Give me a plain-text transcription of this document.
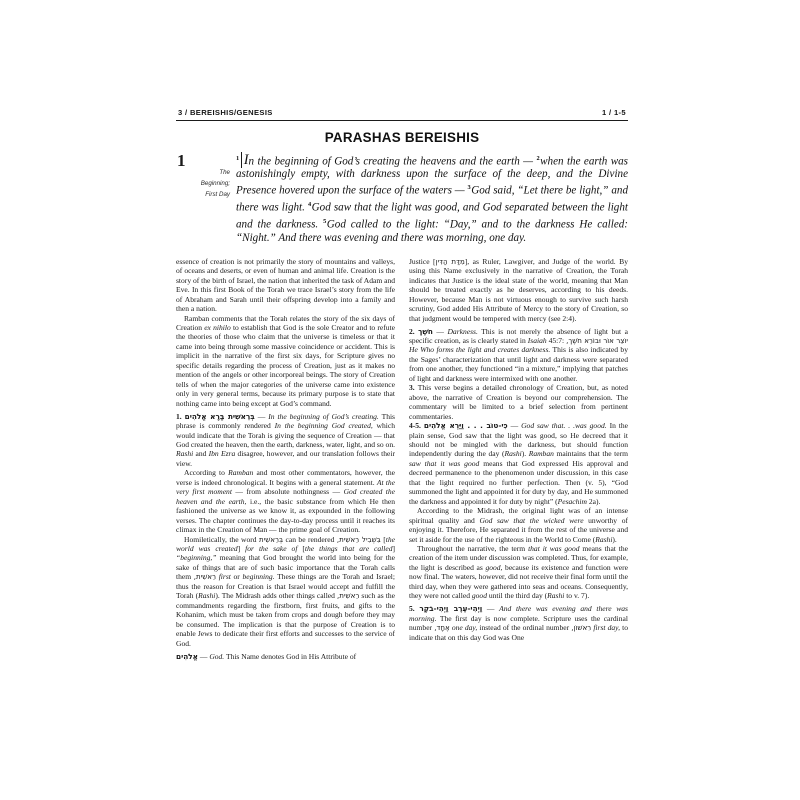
3 / BEREISHIS/GENESIS	1 / 1-5
PARASHAS BEREISHIS
1
The
Beginning;
First Day
$^1$ In the beginning of God’s creating the heavens and the earth — $^2$when the earth was astonishingly empty, with darkness upon the surface of the deep, and the Divine Presence hovered upon the surface of the waters — $^3$God said, “Let there be light,” and there was light. $^4$God saw that the light was good, and God separated between the light and the darkness. $^5$God called to the light: “Day,” and to the darkness He called: “Night.” And there was evening and there was morning, one day.

essence of creation is not primarily the story of mountains and valleys, of oceans and deserts, or even of human and animal life. Creation is the story of the birth of Israel, the nation that inherited the task of Adam and Eve. In this first Book of the Torah we trace Israel’s story from the life of Abraham and Sarah until their offspring develop into a family and then a nation.

Ramban comments that the Torah relates the story of the six days of Creation ex nihilo to establish that God is the sole Creator and to refute the theories of those who claim that the universe is timeless or that it came into being through some massive coincidence or accident. This is implicit in the narrative of the first six days, for Scripture gives no specific details regarding the process of Creation, just as it makes no mention of the angels or other incorporeal beings. The story of Creation tells of when the major categories of the universe came into existence only in very general terms, because its primary purpose is to state that nothing came into being except at God’s command.

1. בְּרֵאשִׁית בָּרָא אֱלֹהִים — In the beginning of God’s creating. This phrase is commonly rendered In the beginning God created, which would indicate that the Torah is giving the sequence of Creation — that God created the heaven, then the earth, darkness, water, light, and so on. Rashi and Ibn Ezra disagree, however, and our translation follows their view.

According to Ramban and most other commentators, however, the verse is indeed chronological. It begins with a general statement. At the very first moment — from absolute nothingness — God created the heaven and the earth, i.e., the basic substance from which He then fashioned the universe as we know it, as expounded in the following verses. The chapter continues the day-to-day process until it reaches its climax in the Creation of Man — the prime goal of Creation.

Homiletically, the word בְּרֵאשִׁית can be rendered בִּשְׁבִיל רֵאשִׁית, [the world was created] for the sake of [the things that are called] “beginning,” meaning that God brought the world into being for the sake of things that are of such basic importance that the Torah calls them רֵאשִׁית, first or beginning. These things are the Torah and Israel; thus the reason for Creation is that Israel would accept and fulfill the Torah (Rashi). The Midrash adds other things called רֵאשִׁית, such as the commandments regarding the firstborn, first fruits, and gifts to the Kohanim, which must be taken from crops and dough before they may be consumed. The implication is that the purpose of Creation is to enable Jews to dedicate their first efforts and successes to the service of God.

אֱלֹהִים — God. This Name denotes God in His Attribute of

Justice [מִדַּת הַדִּין], as Ruler, Lawgiver, and Judge of the world. By using this Name exclusively in the narrative of Creation, the Torah indicates that Justice is the ideal state of the world, meaning that Man should be treated exactly as he deserves, according to his deeds. However, because Man is not virtuous enough to survive such harsh scrutiny, God added His Attribute of Mercy to the story of Creation, so that judgment would be tempered with mercy (see 2:4).

2. חֹשֶׁך — Darkness. This is not merely the absence of light but a specific creation, as is clearly stated in Isaiah 45:7: יוֹצֵר אוֹר וּבוֹרֵא חֹשֶׁך, He Who forms the light and creates darkness. This is also indicated by the Sages’ characterization that until light and darkness were separated from one another, they functioned “in a mixture,” implying that patches of light and darkness were intermixed with one another.

3. This verse begins a detailed chronology of Creation, but, as noted above, the narrative of Creation is beyond our comprehension. The commentary will be limited to a brief selection from pertinent commentaries.

4-5. כִּי‑טוֹב . . . וַיַּרְא אֱלֹהִים — God saw that. . .was good. In the plain sense, God saw that the light was good, so He decreed that it should not be mingled with the darkness, but should function independently during the day (Rashi). Ramban maintains that the term saw that it was good means that God expressed His approval and decreed permanence to the phenomenon under discussion, in this case that the light required no further perfection. Then (v. 5), “God summoned the light and appointed it for duty by day, and He summoned the darkness and appointed it for duty by night” (Pesachim 2a).

According to the Midrash, the original light was of an intense spiritual quality and God saw that the wicked were unworthy of enjoying it. Therefore, He separated it from the rest of the universe and set it aside for the use of the righteous in the World to Come (Rashi).

Throughout the narrative, the term that it was good means that the creation of the item under discussion was completed. Thus, for example, the light is described as good, because its existence and function were now final. The waters, however, did not receive their final form until the third day, when they were gathered into seas and oceans. Consequently, they were not called good until the third day (Rashi to v. 7).

5. וַיְהִי‑עֶרֶב וַיְהִי‑בֹקֶר — And there was evening and there was morning. The first day is now complete. Scripture uses the cardinal number אֶחָד, one day, instead of the ordinal number רִאשׁוֹן, first day, to indicate that on this day God was One
